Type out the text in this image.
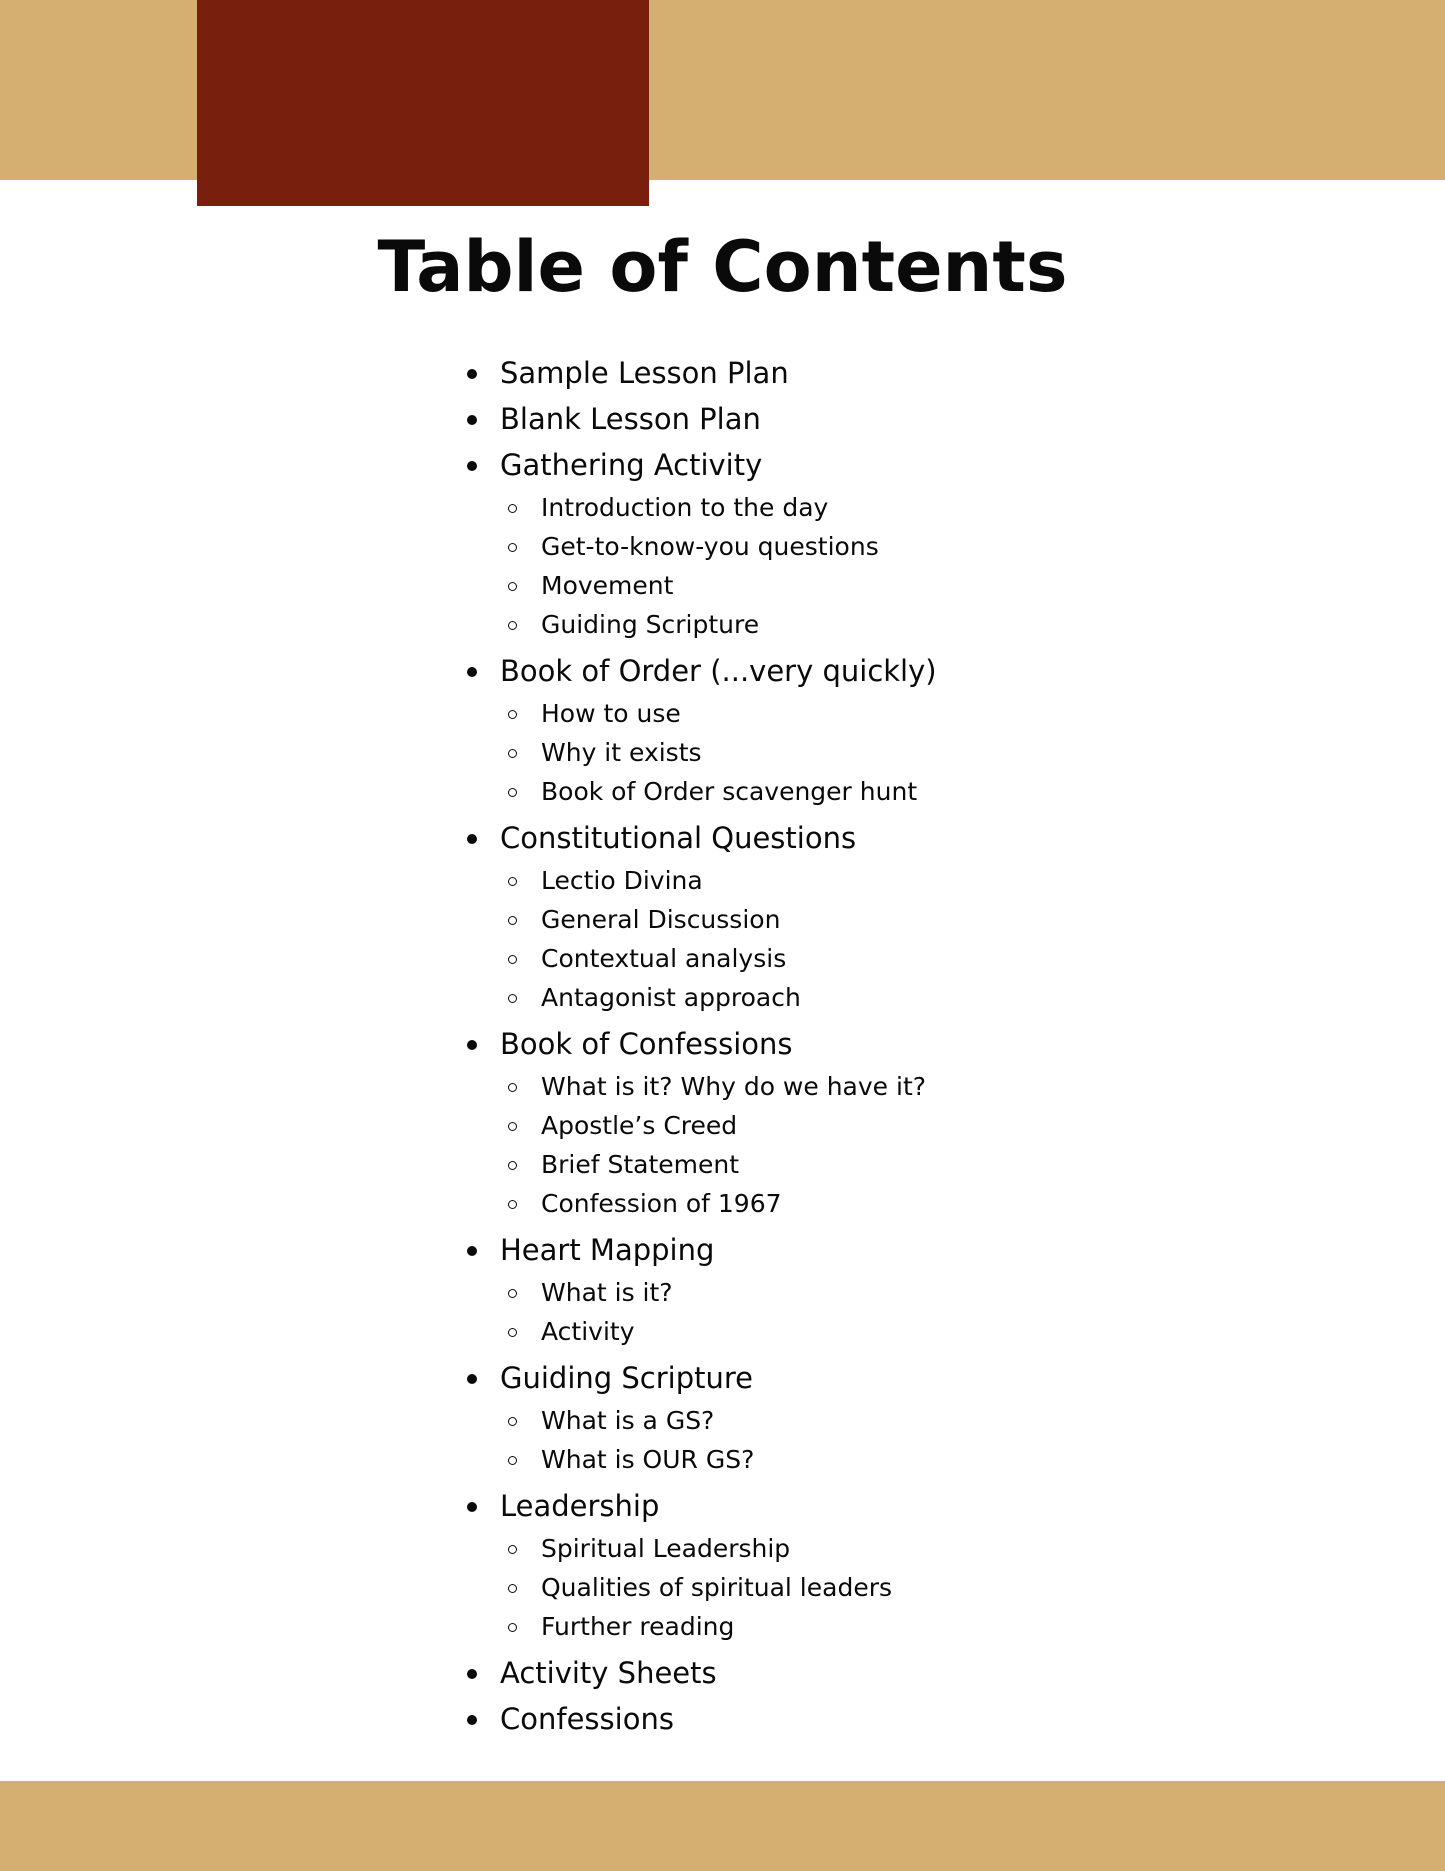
Table of Contents
Sample Lesson Plan
Blank Lesson Plan
Gathering Activity
Introduction to the day
Get-to-know-you questions
Movement
Guiding Scripture
Book of Order (...very quickly)
How to use
Why it exists
Book of Order scavenger hunt
Constitutional Questions
Lectio Divina
General Discussion
Contextual analysis
Antagonist approach
Book of Confessions
What is it? Why do we have it?
Apostle’s Creed
Brief Statement
Confession of 1967
Heart Mapping
What is it?
Activity
Guiding Scripture
What is a GS?
What is OUR GS?
Leadership
Spiritual Leadership
Qualities of spiritual leaders
Further reading
Activity Sheets
Confessions
